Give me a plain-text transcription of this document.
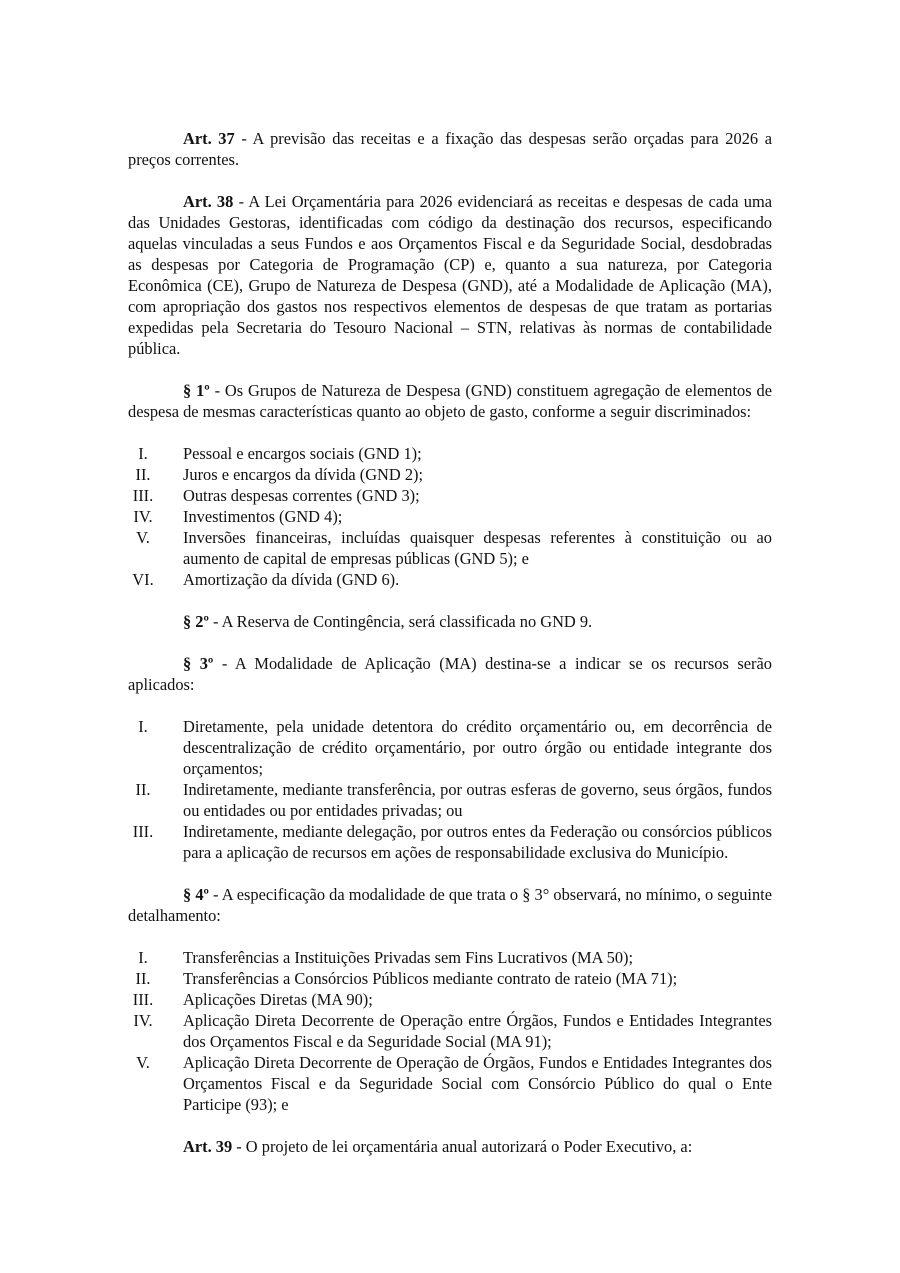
Art. 37 - A previsão das receitas e a fixação das despesas serão orçadas para 2026 a preços correntes.

Art. 38 - A Lei Orçamentária para 2026 evidenciará as receitas e despesas de cada uma das Unidades Gestoras, identificadas com código da destinação dos recursos, especificando aquelas vinculadas a seus Fundos e aos Orçamentos Fiscal e da Seguridade Social, desdobradas as despesas por Categoria de Programação (CP) e, quanto a sua natureza, por Categoria Econômica (CE), Grupo de Natureza de Despesa (GND), até a Modalidade de Aplicação (MA), com apropriação dos gastos nos respectivos elementos de despesas de que tratam as portarias expedidas pela Secretaria do Tesouro Nacional – STN, relativas às normas de contabilidade pública.

§ 1º - Os Grupos de Natureza de Despesa (GND) constituem agregação de elementos de despesa de mesmas características quanto ao objeto de gasto, conforme a seguir discriminados:

I.	Pessoal e encargos sociais (GND 1);
II.	Juros e encargos da dívida (GND 2);
III.	Outras despesas correntes (GND 3);
IV.	Investimentos (GND 4);
V.	Inversões financeiras, incluídas quaisquer despesas referentes à constituição ou ao aumento de capital de empresas públicas (GND 5); e
VI.	Amortização da dívida (GND 6).

§ 2º - A Reserva de Contingência, será classificada no GND 9.

§ 3º - A Modalidade de Aplicação (MA) destina-se a indicar se os recursos serão aplicados:

I.	Diretamente, pela unidade detentora do crédito orçamentário ou, em decorrência de descentralização de crédito orçamentário, por outro órgão ou entidade integrante dos orçamentos;
II.	Indiretamente, mediante transferência, por outras esferas de governo, seus órgãos, fundos ou entidades ou por entidades privadas; ou
III.	Indiretamente, mediante delegação, por outros entes da Federação ou consórcios públicos para a aplicação de recursos em ações de responsabilidade exclusiva do Município.

§ 4º - A especificação da modalidade de que trata o § 3° observará, no mínimo, o seguinte detalhamento:

I.	Transferências a Instituições Privadas sem Fins Lucrativos (MA 50);
II.	Transferências a Consórcios Públicos mediante contrato de rateio (MA 71);
III.	Aplicações Diretas (MA 90);
IV.	Aplicação Direta Decorrente de Operação entre Órgãos, Fundos e Entidades Integrantes dos Orçamentos Fiscal e da Seguridade Social (MA 91);
V.	Aplicação Direta Decorrente de Operação de Órgãos, Fundos e Entidades Integrantes dos Orçamentos Fiscal e da Seguridade Social com Consórcio Público do qual o Ente Participe (93); e

Art. 39 - O projeto de lei orçamentária anual autorizará o Poder Executivo, a:
